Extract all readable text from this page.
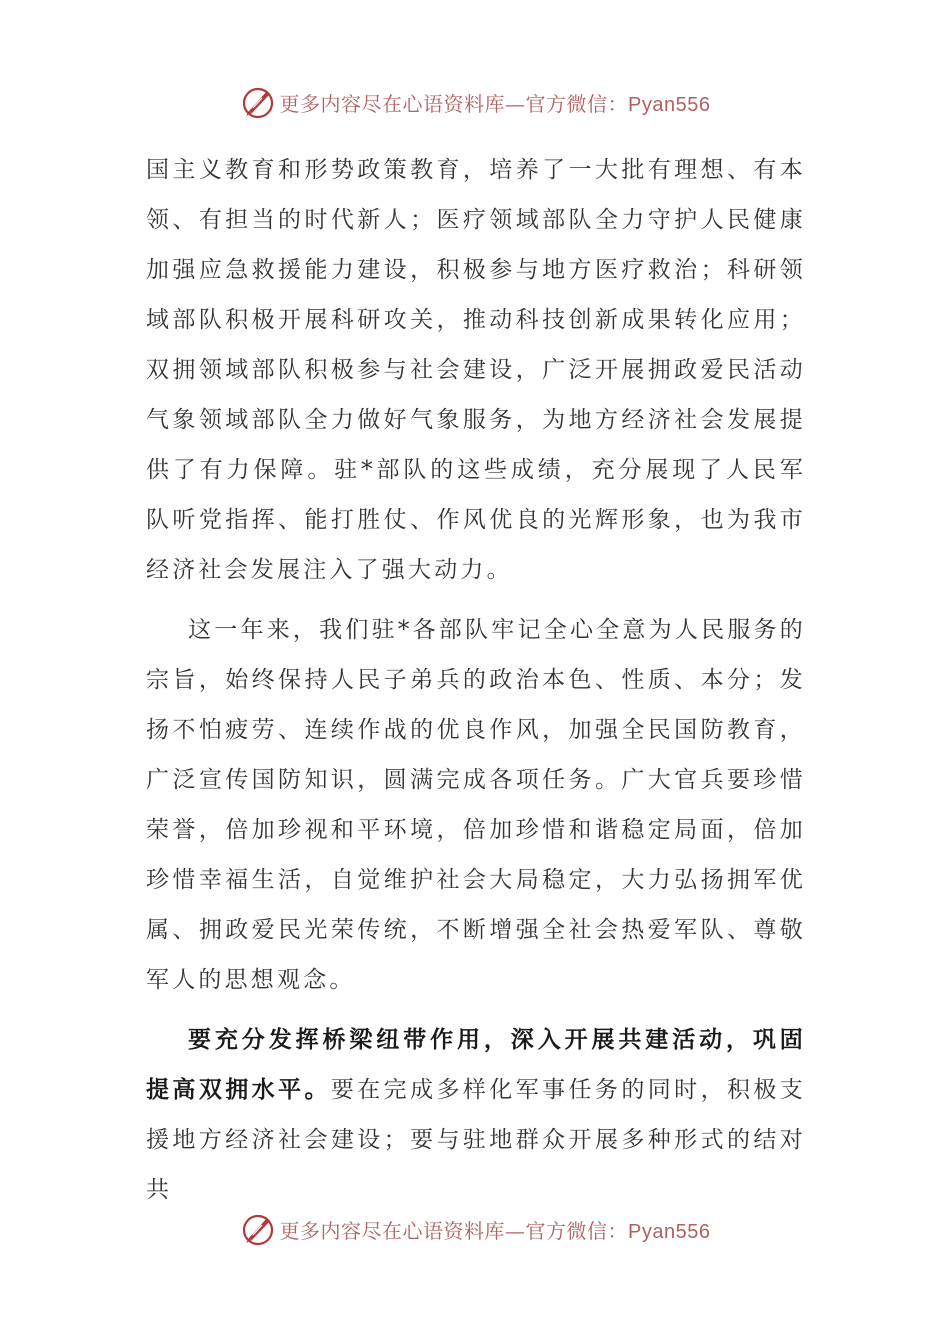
更多内容尽在心语资料库—官方微信：Pyan556

国主义教育和形势政策教育，培养了一大批有理想、有本领、有担当的时代新人；医疗领域部队全力守护人民健康加强应急救援能力建设，积极参与地方医疗救治；科研领域部队积极开展科研攻关，推动科技创新成果转化应用；双拥领域部队积极参与社会建设，广泛开展拥政爱民活动气象领域部队全力做好气象服务，为地方经济社会发展提供了有力保障。驻*部队的这些成绩，充分展现了人民军队听党指挥、能打胜仗、作风优良的光辉形象，也为我市经济社会发展注入了强大动力。

这一年来，我们驻*各部队牢记全心全意为人民服务的宗旨，始终保持人民子弟兵的政治本色、性质、本分；发扬不怕疲劳、连续作战的优良作风，加强全民国防教育，广泛宣传国防知识，圆满完成各项任务。广大官兵要珍惜荣誉，倍加珍视和平环境，倍加珍惜和谐稳定局面，倍加珍惜幸福生活，自觉维护社会大局稳定，大力弘扬拥军优属、拥政爱民光荣传统，不断增强全社会热爱军队、尊敬军人的思想观念。

要充分发挥桥梁纽带作用，深入开展共建活动，巩固提高双拥水平。要在完成多样化军事任务的同时，积极支援地方经济社会建设；要与驻地群众开展多种形式的结对共

更多内容尽在心语资料库—官方微信：Pyan556
